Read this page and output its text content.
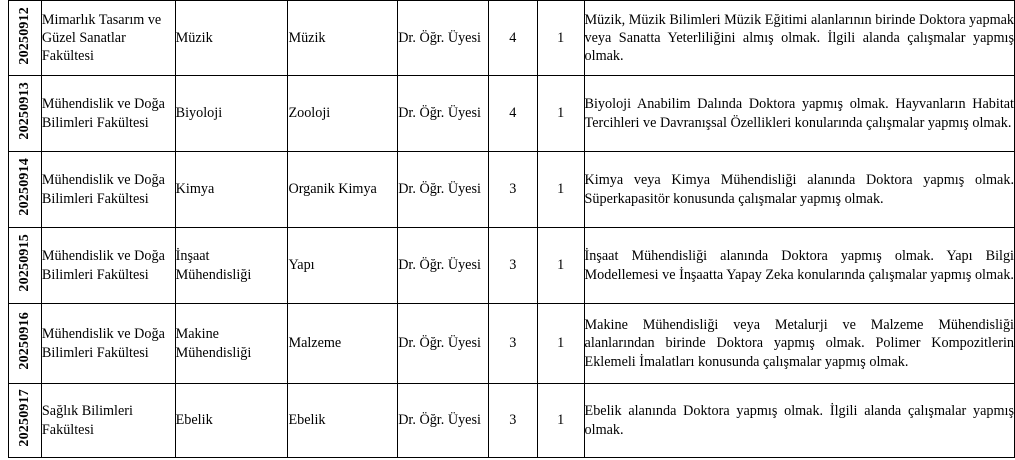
20250912	Mimarlık Tasarım ve Güzel Sanatlar Fakültesi	Müzik	Müzik	Dr. Öğr. Üyesi	4	1	Müzik, Müzik Bilimleri Müzik Eğitimi alanlarının birinde Doktora yapmak veya Sanatta Yeterliliğini almış olmak. İlgili alanda çalışmalar yapmış olmak.
20250913	Mühendislik ve Doğa Bilimleri Fakültesi	Biyoloji	Zooloji	Dr. Öğr. Üyesi	4	1	Biyoloji Anabilim Dalında Doktora yapmış olmak. Hayvanların Habitat Tercihleri ve Davranışsal Özellikleri konularında çalışmalar yapmış olmak.
20250914	Mühendislik ve Doğa Bilimleri Fakültesi	Kimya	Organik Kimya	Dr. Öğr. Üyesi	3	1	Kimya veya Kimya Mühendisliği alanında Doktora yapmış olmak. Süperkapasitör konusunda çalışmalar yapmış olmak.
20250915	Mühendislik ve Doğa Bilimleri Fakültesi	İnşaat Mühendisliği	Yapı	Dr. Öğr. Üyesi	3	1	İnşaat Mühendisliği alanında Doktora yapmış olmak. Yapı Bilgi Modellemesi ve İnşaatta Yapay Zeka konularında çalışmalar yapmış olmak.
20250916	Mühendislik ve Doğa Bilimleri Fakültesi	Makine Mühendisliği	Malzeme	Dr. Öğr. Üyesi	3	1	Makine Mühendisliği veya Metalurji ve Malzeme Mühendisliği alanlarından birinde Doktora yapmış olmak. Polimer Kompozitlerin Eklemeli İmalatları konusunda çalışmalar yapmış olmak.
20250917	Sağlık Bilimleri Fakültesi	Ebelik	Ebelik	Dr. Öğr. Üyesi	3	1	Ebelik alanında Doktora yapmış olmak. İlgili alanda çalışmalar yapmış olmak.
